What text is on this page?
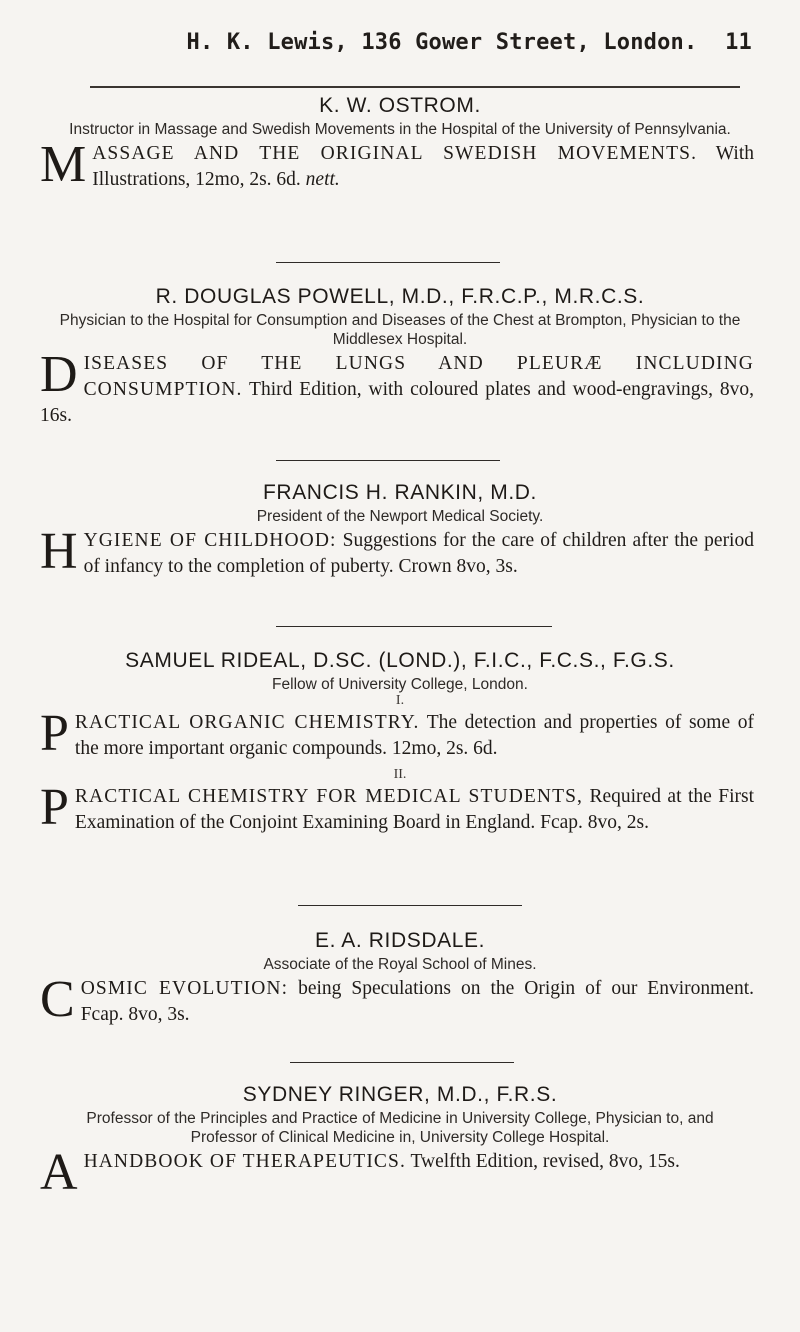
H. K. Lewis, 136 Gower Street, London. 11
K. W. OSTROM.
Instructor in Massage and Swedish Movements in the Hospital of the University of Pennsylvania.
MASSAGE AND THE ORIGINAL SWEDISH MOVEMENTS. With Illustrations, 12mo, 2s. 6d. nett.
R. DOUGLAS POWELL, M.D., F.R.C.P., M.R.C.S.
Physician to the Hospital for Consumption and Diseases of the Chest at Brompton, Physician to the Middlesex Hospital.
DISEASES OF THE LUNGS AND PLEURÆ INCLUDING CONSUMPTION. Third Edition, with coloured plates and wood-engravings, 8vo, 16s.
FRANCIS H. RANKIN, M.D.
President of the Newport Medical Society.
HYGIENE OF CHILDHOOD: Suggestions for the care of children after the period of infancy to the completion of puberty. Crown 8vo, 3s.
SAMUEL RIDEAL, D.SC. (LOND.), F.I.C., F.C.S., F.G.S.
Fellow of University College, London.
I.
PRACTICAL ORGANIC CHEMISTRY. The detection and properties of some of the more important organic compounds. 12mo, 2s. 6d.
II.
PRACTICAL CHEMISTRY FOR MEDICAL STUDENTS, Required at the First Examination of the Conjoint Examining Board in England. Fcap. 8vo, 2s.
E. A. RIDSDALE.
Associate of the Royal School of Mines.
COSMIC EVOLUTION: being Speculations on the Origin of our Environment. Fcap. 8vo, 3s.
SYDNEY RINGER, M.D., F.R.S.
Professor of the Principles and Practice of Medicine in University College, Physician to, and Professor of Clinical Medicine in, University College Hospital.
A HANDBOOK OF THERAPEUTICS. Twelfth Edition, revised, 8vo, 15s.
